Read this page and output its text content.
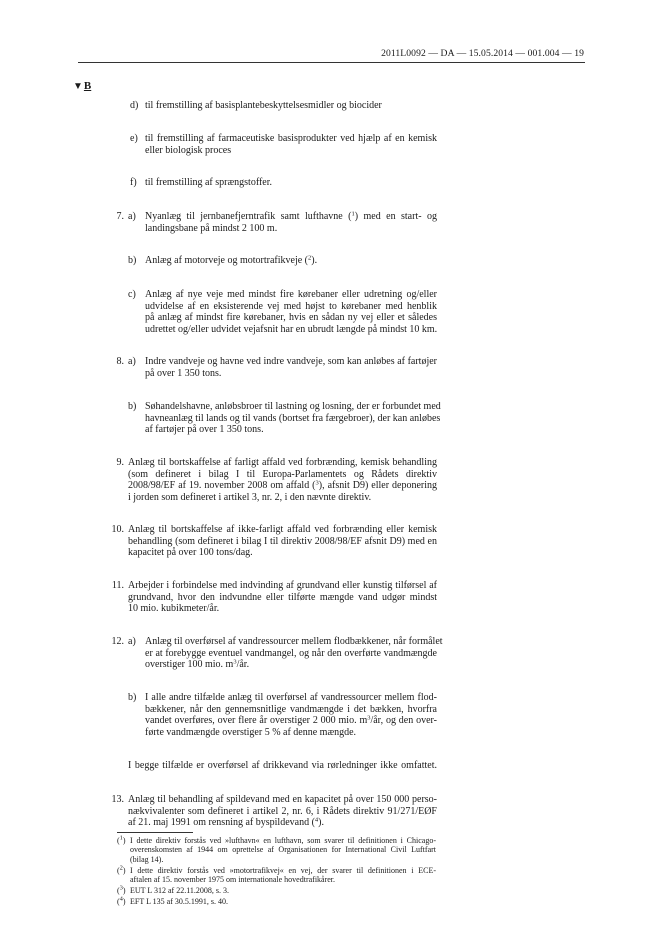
2011L0092 — DA — 15.05.2014 — 001.004 — 19
▼B
d) til fremstilling af basisplantebeskyttelsesmidler og biocider
e) til fremstilling af farmaceutiske basisprodukter ved hjælp af en kemisk
eller biologisk proces
f) til fremstilling af sprængstoffer.
7. a) Nyanlæg til jernbanefjerntrafik samt lufthavne ($^1$) med en start- og
landingsbane på mindst 2 100 m.
b) Anlæg af motorveje og motortrafikveje ($^2$).
c) Anlæg af nye veje med mindst fire kørebaner eller udretning og/eller
udvidelse af en eksisterende vej med højst to kørebaner med henblik
på anlæg af mindst fire kørebaner, hvis en sådan ny vej eller et således
udrettet og/eller udvidet vejafsnit har en ubrudt længde på mindst 10 km.
8. a) Indre vandveje og havne ved indre vandveje, som kan anløbes af fartøjer
på over 1 350 tons.
b) Søhandelshavne, anløbsbroer til lastning og losning, der er forbundet med
havneanlæg til lands og til vands (bortset fra færgebroer), der kan anløbes
af fartøjer på over 1 350 tons.
9. Anlæg til bortskaffelse af farligt affald ved forbrænding, kemisk behandling
(som defineret i bilag I til Europa-Parlamentets og Rådets direktiv
2008/98/EF af 19. november 2008 om affald ($^3$), afsnit D9) eller deponering
i jorden som defineret i artikel 3, nr. 2, i den nævnte direktiv.
10. Anlæg til bortskaffelse af ikke-farligt affald ved forbrænding eller kemisk
behandling (som defineret i bilag I til direktiv 2008/98/EF afsnit D9) med en
kapacitet på over 100 tons/dag.
11. Arbejder i forbindelse med indvinding af grundvand eller kunstig tilførsel af
grundvand, hvor den indvundne eller tilførte mængde vand udgør mindst
10 mio. kubikmeter/år.
12. a) Anlæg til overførsel af vandressourcer mellem flodbækkener, når formålet
er at forebygge eventuel vandmangel, og når den overførte vandmængde
overstiger 100 mio. $m^3/år$.
b) I alle andre tilfælde anlæg til overførsel af vandressourcer mellem flod-
bækkener, når den gennemsnitlige vandmængde i det bækken, hvorfra
vandet overføres, over flere år overstiger 2 000 mio. $m^3/år$, og den over-
førte vandmængde overstiger 5 % af denne mængde.
I begge tilfælde er overførsel af drikkevand via rørledninger ikke omfattet.
13. Anlæg til behandling af spildevand med en kapacitet på over 150 000 perso-
nækvivalenter som defineret i artikel 2, nr. 6, i Rådets direktiv 91/271/EØF
af 21. maj 1991 om rensning af byspildevand ($^4$).
($^1$) I dette direktiv forstås ved »lufthavn« en lufthavn, som svarer til definitionen i Chicago-
overenskomsten af 1944 om oprettelse af Organisationen for International Civil Luftfart
(bilag 14).
($^2$) I dette direktiv forstås ved »motortrafikvej« en vej, der svarer til definitionen i ECE-
aftalen af 15. november 1975 om internationale hovedtrafikårer.
($^3$) EUT L 312 af 22.11.2008, s. 3.
($^4$) EFT L 135 af 30.5.1991, s. 40.
